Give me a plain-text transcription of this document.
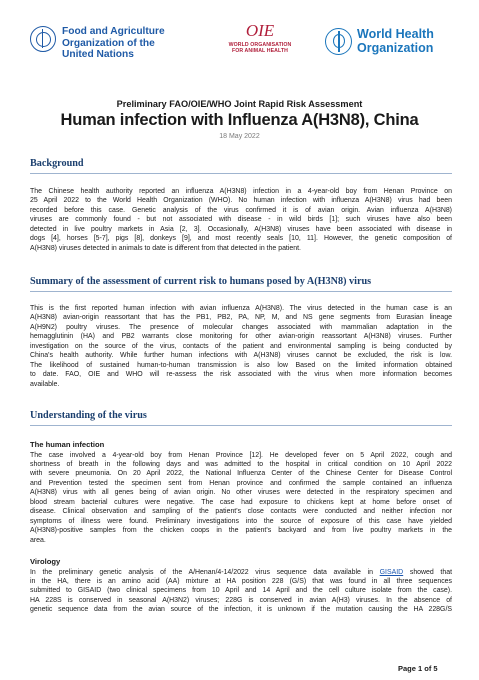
Food and Agriculture
Organization of the
United Nations
OIE
WORLD ORGANISATION
FOR ANIMAL HEALTH
World Health
Organization
Preliminary FAO/OIE/WHO Joint Rapid Risk Assessment
Human infection with Influenza A(H3N8), China
18 May 2022
Background
The Chinese health authority reported an influenza A(H3N8) infection in a 4-year-old boy from Henan Province on
25 April 2022 to the World Health Organization (WHO). No human infection with influenza A(H3N8) virus had been
recorded before this case. Genetic analysis of the virus confirmed it is of avian origin. Avian influenza A(H3N8)
viruses are commonly found - but not associated with disease - in wild birds [1]; such viruses have also been
detected in live poultry markets in Asia [2, 3]. Occasionally, A(H3N8) viruses have been associated with disease in
dogs [4], horses [5-7], pigs [8], donkeys [9], and most recently seals [10, 11]. However, the genetic composition of
A(H3N8) viruses detected in animals to date is different from that detected in the patient.
Summary of the assessment of current risk to humans posed by A(H3N8) virus
This is the first reported human infection with avian influenza A(H3N8). The virus detected in the human case is an
A(H3N8) avian-origin reassortant that has the PB1, PB2, PA, NP, M, and NS gene segments from Eurasian lineage
A(H9N2) poultry viruses. The presence of molecular changes associated with mammalian adaptation in the
hemagglutinin (HA) and PB2 warrants close monitoring for other avian-origin reassortant A(H3N8) viruses. Further
investigation on the source of the virus, contacts of the patient and environmental sampling is being conducted by
China's health authority. While further human infections with A(H3N8) viruses cannot be excluded, the risk is low.
The likelihood of sustained human-to-human transmission is also low Based on the limited information obtained
to date. FAO, OIE and WHO will re-assess the risk associated with the virus when more information becomes
available.
Understanding of the virus
The human infection
The case involved a 4-year-old boy from Henan Province [12]. He developed fever on 5 April 2022, cough and
shortness of breath in the following days and was admitted to the hospital in critical condition on 10 April 2022
with severe pneumonia. On 20 April 2022, the National Influenza Center of the Chinese Center for Disease Control
and Prevention tested the specimen sent from Henan province and confirmed the sample contained an influenza
A(H3N8) virus with all genes being of avian origin. No other viruses were detected in the respiratory specimen and
blood stream bacterial cultures were negative. The case had exposure to chickens kept at home before onset of
disease. Clinical observation and sampling of the patient's close contacts were conducted and neither infection nor
symptoms of illness were found. Preliminary investigations into the source of exposure of this case have yielded
A(H3N8)-positive samples from the chicken coops in the patient's backyard and from live poultry markets in the
area.
Virology
In the preliminary genetic analysis of the A/Henan/4-14/2022 virus sequence data available in GISAID showed that
in the HA, there is an amino acid (AA) mixture at HA position 228 (G/S) that was found in all three sequences
submitted to GISAID (two clinical specimens from 10 April and 14 April and the cell culture isolate from the case).
HA 228S is conserved in seasonal A(H3N2) viruses; 228G is conserved in avian A(H3) viruses. In the absence of
genetic sequence data from the avian source of the infection, it is unknown if the mutation causing the HA 228G/S
Page 1 of 5
